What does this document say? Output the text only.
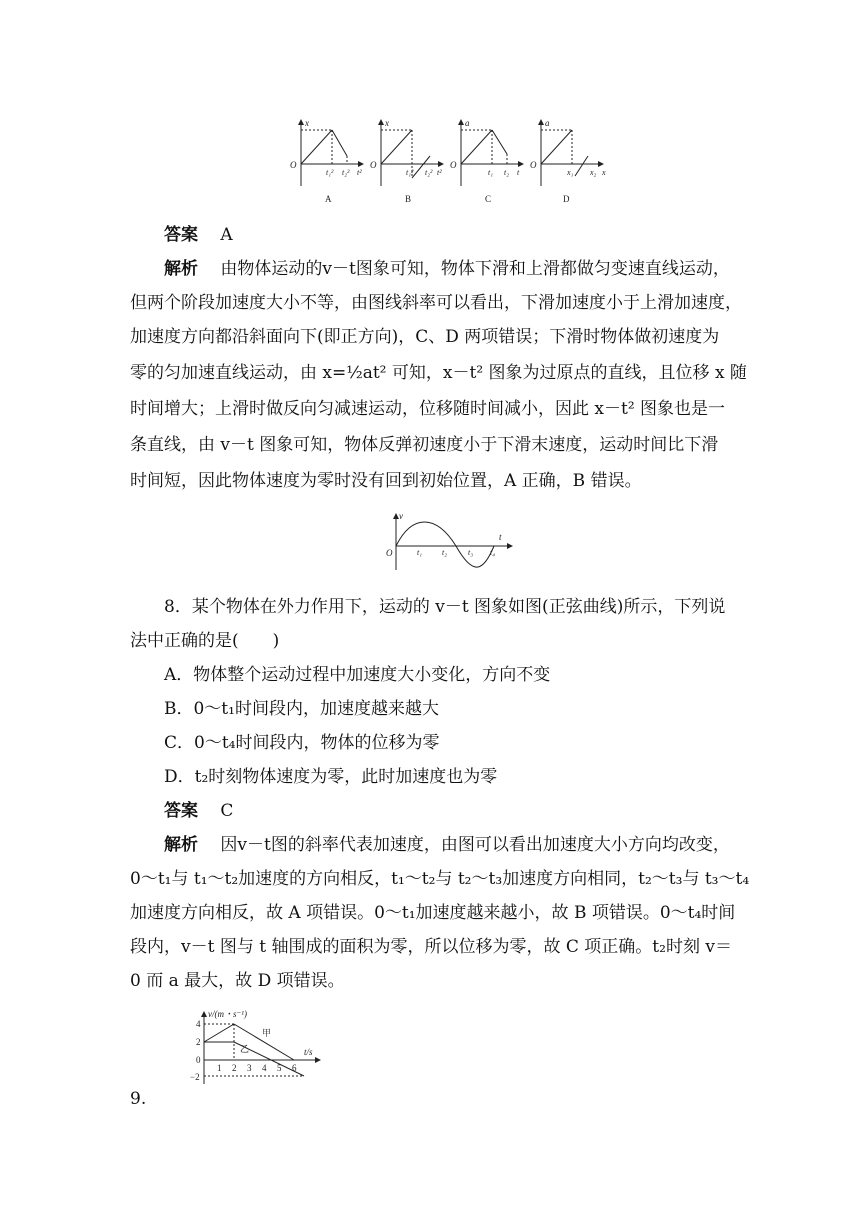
x	x	a	a
O	O	O	O
t₁² t₂² t²	t₁² t₂² t²	t₁ t₂ t	x₁ x₂ x
A	B	C	D
答案　 A
解析　 由物体运动的v－t图象可知，物体下滑和上滑都做匀变速直线运动，
但两个阶段加速度大小不等，由图线斜率可以看出，下滑加速度小于上滑加速度，
加速度方向都沿斜面向下(即正方向)，C、D 两项错误；下滑时物体做初速度为
零的匀加速直线运动，由 x=½at² 可知，x－t² 图象为过原点的直线，且位移 x 随
时间增大；上滑时做反向匀减速运动，位移随时间减小，因此 x－t² 图象也是一
条直线，由 v－t 图象可知，物体反弹初速度小于下滑末速度，运动时间比下滑
时间短，因此物体速度为零时没有回到初始位置，A 正确，B 错误。
v
t
O	t₁ t₂	t₃ t₄
8．某个物体在外力作用下，运动的 v－t 图象如图(正弦曲线)所示，下列说
法中正确的是(　　)
A．物体整个运动过程中加速度大小变化，方向不变
B．0～t₁时间段内，加速度越来越大
C．0～t₄时间段内，物体的位移为零
D．t₂时刻物体速度为零，此时加速度也为零
答案　 C
解析　 因v－t图的斜率代表加速度，由图可以看出加速度大小方向均改变，
0～t₁与 t₁～t₂加速度的方向相反，t₁～t₂与 t₂～t₃加速度方向相同，t₂～t₃与 t₃～t₄
加速度方向相反，故 A 项错误。0～t₁加速度越来越小，故 B 项错误。0～t₄时间
段内，v－t 图与 t 轴围成的面积为零，所以位移为零，故 C 项正确。t₂时刻 v＝
0 而 a 最大，故 D 项错误。
v/(m・s⁻¹)
t/s
4
2
0
−2
1 2 3 4 5 6
甲
乙
9.
